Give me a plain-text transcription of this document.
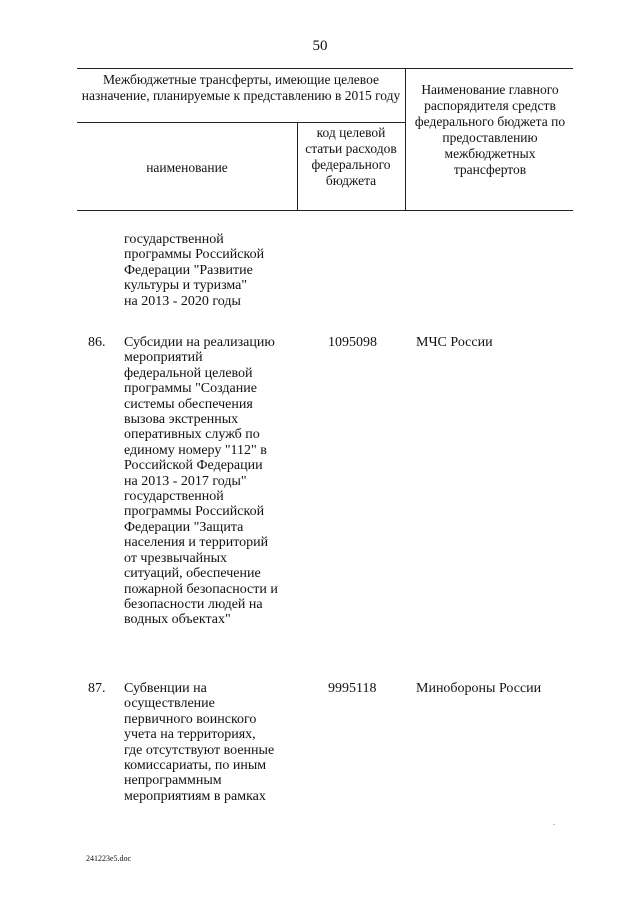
50
Межбюджетные трансферты, имеющие целевое назначение, планируемые к представлению в 2015 году
наименование
код целевой статьи расходов федерального бюджета
Наименование главного распорядителя средств федерального бюджета по предоставлению межбюджетных трансфертов
государственной
программы Российской
Федерации "Развитие
культуры и туризма"
на 2013 - 2020 годы
86. Субсидии на реализацию
мероприятий
федеральной целевой
программы "Создание
системы обеспечения
вызова экстренных
оперативных служб по
единому номеру "112" в
Российской Федерации
на 2013 - 2017 годы"
государственной
программы Российской
Федерации "Защита
населения и территорий
от чрезвычайных
ситуаций, обеспечение
пожарной безопасности и
безопасности людей на
водных объектах"
1095098	МЧС России
87. Субвенции на
осуществление
первичного воинского
учета на территориях,
где отсутствуют военные
комиссариаты, по иным
непрограммным
мероприятиям в рамках
9995118	Минобороны России
-
241223e5.doc
